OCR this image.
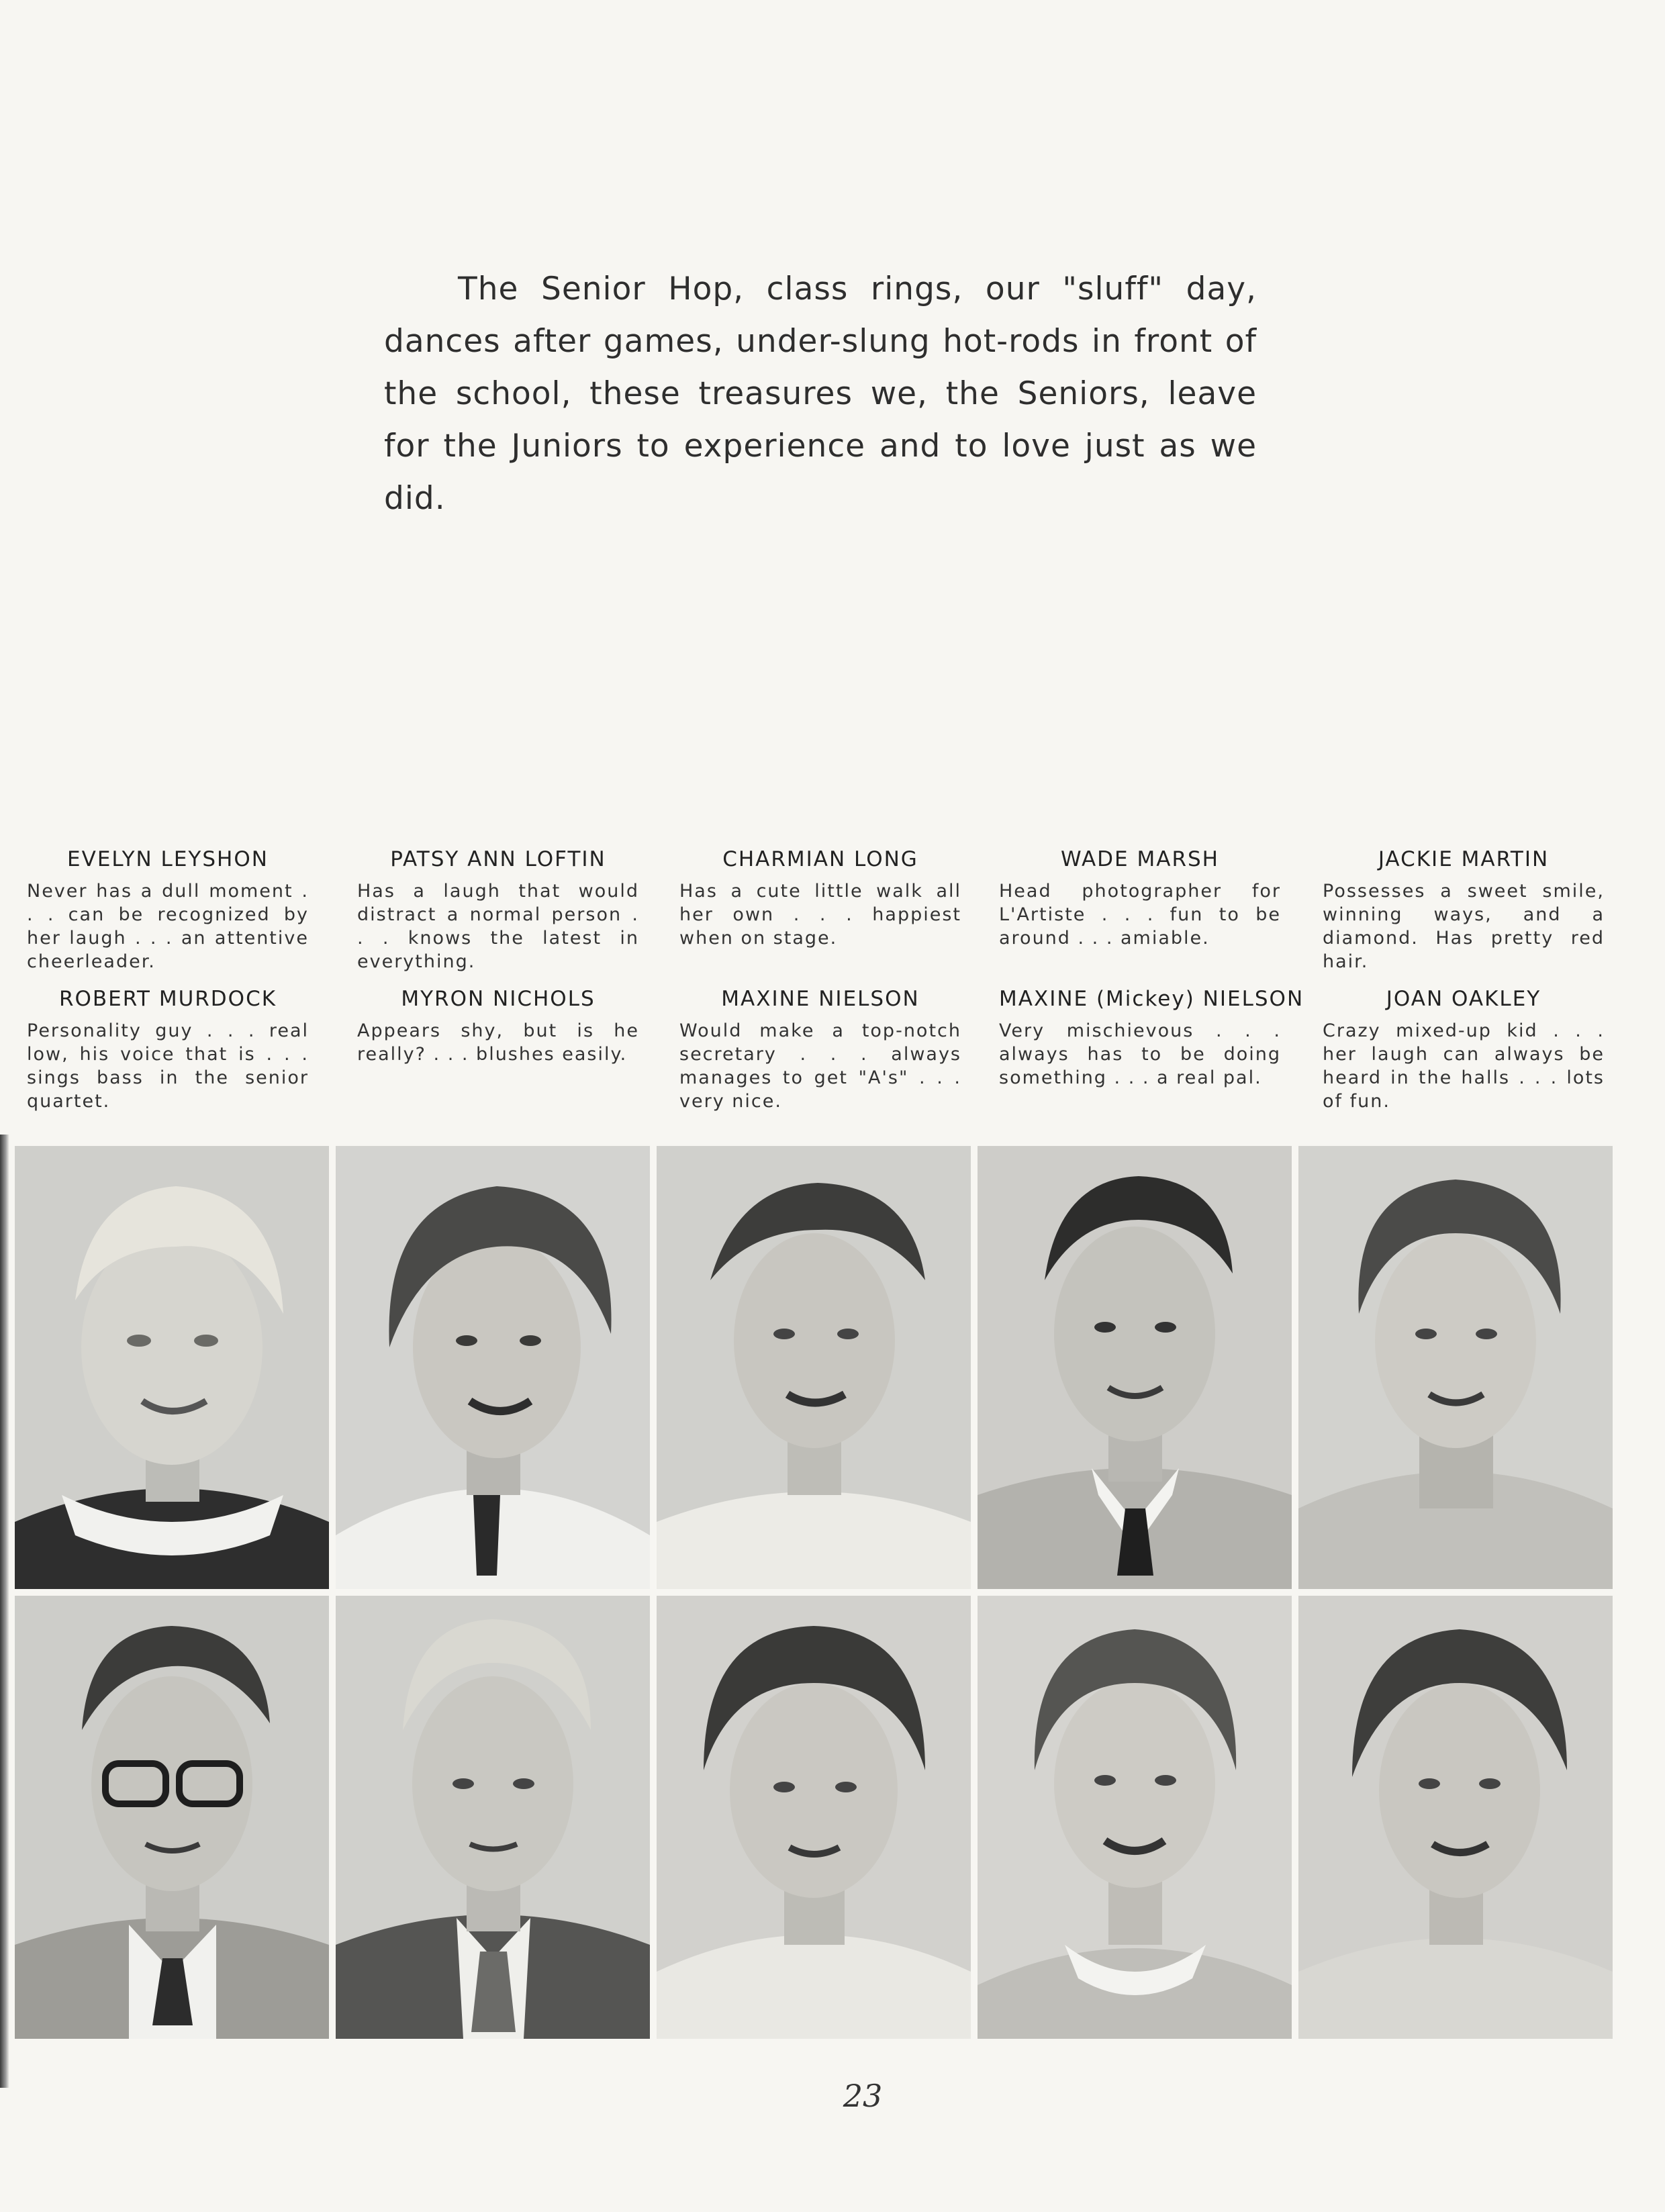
The Senior Hop, class rings, our "sluff" day, dances after games, under-slung hot-rods in front of the school, these treasures we, the Seniors, leave for the Juniors to experience and to love just as we did.

EVELYN LEYSHON
Never has a dull moment . . . can be recognized by her laugh . . . an attentive cheerleader.
PATSY ANN LOFTIN
Has a laugh that would distract a normal person . . . knows the latest in everything.
CHARMIAN LONG
Has a cute little walk all her own . . . happiest when on stage.
WADE MARSH
Head photographer for L'Artiste . . . fun to be around . . . amiable.
JACKIE MARTIN
Possesses a sweet smile, winning ways, and a diamond. Has pretty red hair.
ROBERT MURDOCK
Personality guy . . . real low, his voice that is . . . sings bass in the senior quartet.
MYRON NICHOLS
Appears shy, but is he really? . . . blushes easily.
MAXINE NIELSON
Would make a top-notch secretary . . . always manages to get "A's" . . . very nice.
MAXINE (Mickey) NIELSON
Very mischievous . . . always has to be doing something . . . a real pal.
JOAN OAKLEY
Crazy mixed-up kid . . . her laugh can always be heard in the halls . . . lots of fun.
23
